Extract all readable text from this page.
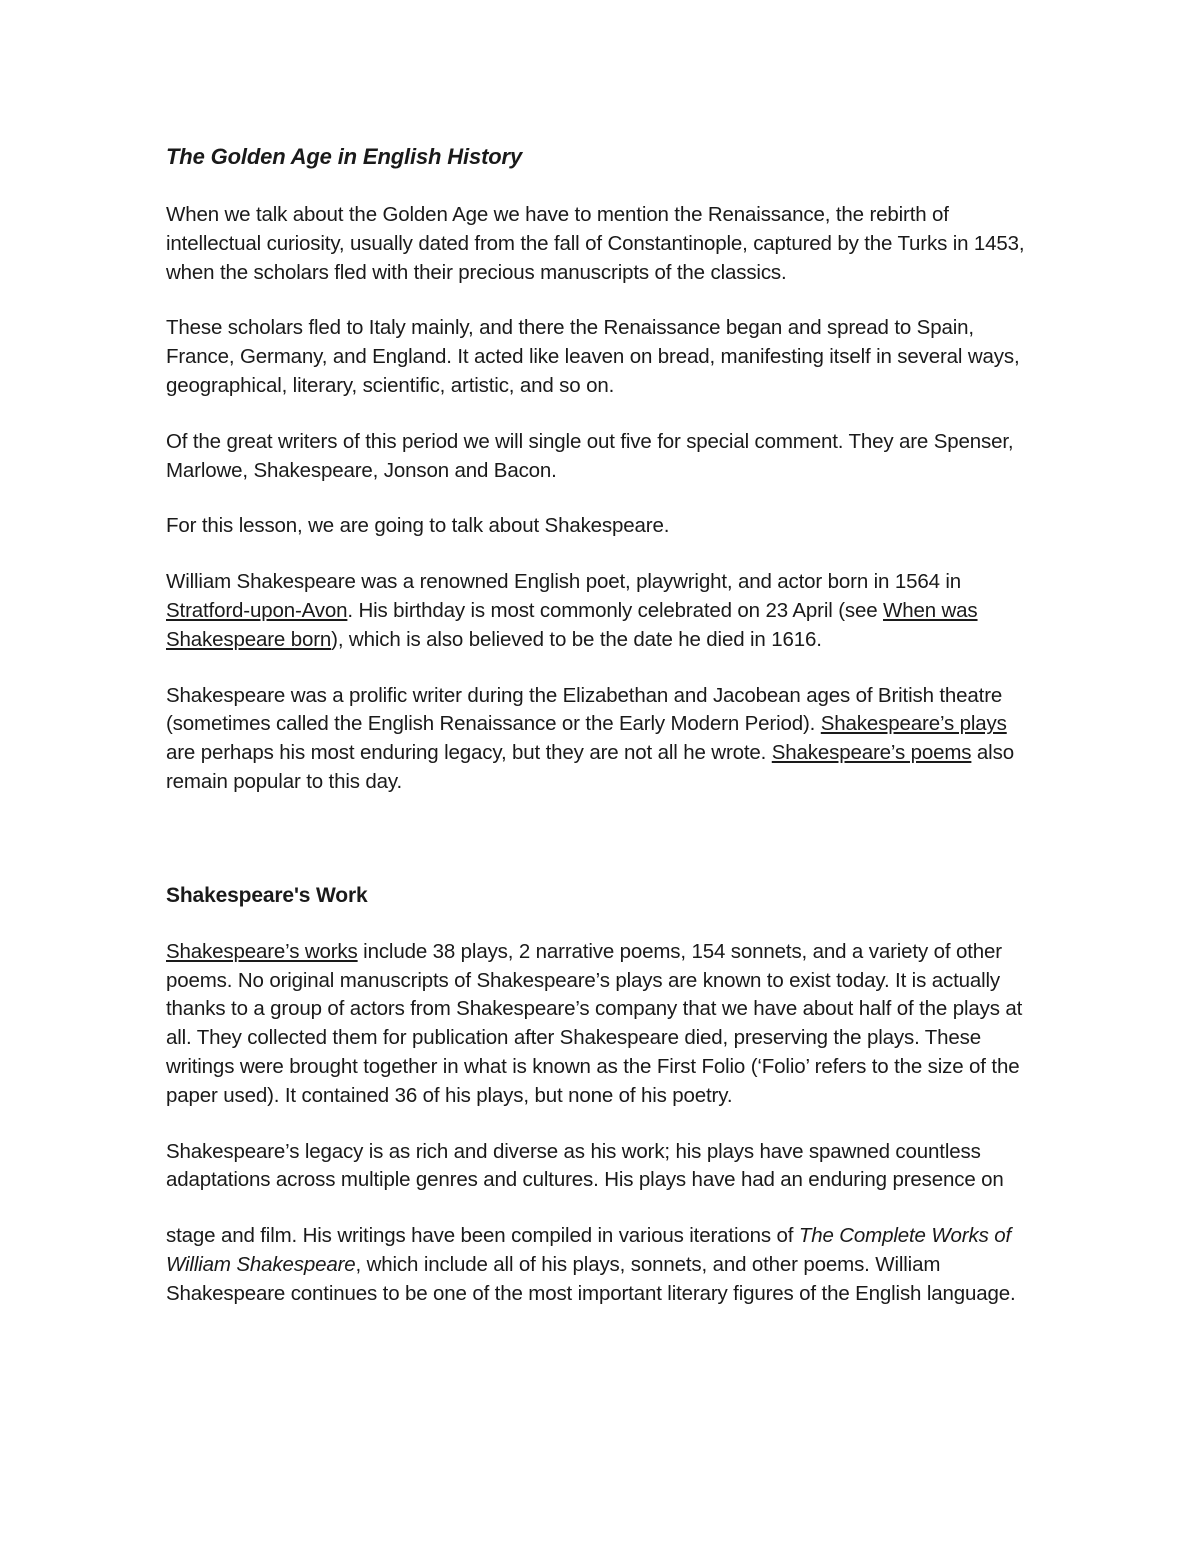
The Golden Age in English History

When we talk about the Golden Age we have to mention the Renaissance, the rebirth of intellectual curiosity, usually dated from the fall of Constantinople, captured by the Turks in 1453, when the scholars fled with their precious manuscripts of the classics.

These scholars fled to Italy mainly, and there the Renaissance began and spread to Spain, France, Germany, and England. It acted like leaven on bread, manifesting itself in several ways, geographical, literary, scientific, artistic, and so on.

Of the great writers of this period we will single out five for special comment. They are Spenser, Marlowe, Shakespeare, Jonson and Bacon.

For this lesson, we are going to talk about Shakespeare.

William Shakespeare was a renowned English poet, playwright, and actor born in 1564 in Stratford-upon-Avon. His birthday is most commonly celebrated on 23 April (see When was Shakespeare born), which is also believed to be the date he died in 1616.

Shakespeare was a prolific writer during the Elizabethan and Jacobean ages of British theatre (sometimes called the English Renaissance or the Early Modern Period). Shakespeare’s plays are perhaps his most enduring legacy, but they are not all he wrote. Shakespeare’s poems also remain popular to this day.

Shakespeare's Work

Shakespeare’s works include 38 plays, 2 narrative poems, 154 sonnets, and a variety of other poems. No original manuscripts of Shakespeare’s plays are known to exist today. It is actually thanks to a group of actors from Shakespeare’s company that we have about half of the plays at all. They collected them for publication after Shakespeare died, preserving the plays. These writings were brought together in what is known as the First Folio (‘Folio’ refers to the size of the paper used). It contained 36 of his plays, but none of his poetry.

Shakespeare’s legacy is as rich and diverse as his work; his plays have spawned countless adaptations across multiple genres and cultures. His plays have had an enduring presence on

stage and film. His writings have been compiled in various iterations of The Complete Works of William Shakespeare, which include all of his plays, sonnets, and other poems. William Shakespeare continues to be one of the most important literary figures of the English language.
